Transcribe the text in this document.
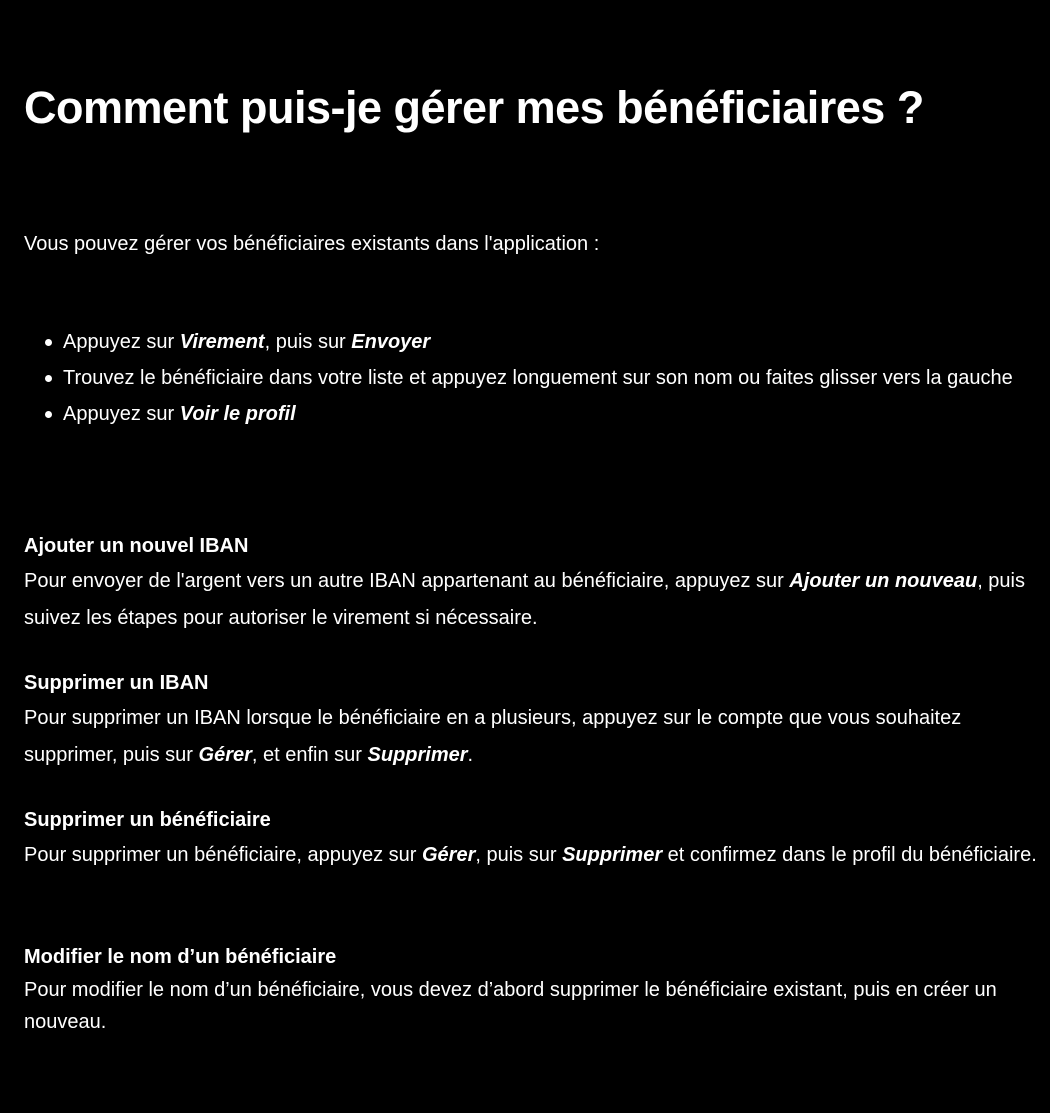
Comment puis-je gérer mes bénéficiaires ?

Vous pouvez gérer vos bénéficiaires existants dans l'application :

Appuyez sur Virement, puis sur Envoyer
Trouvez le bénéficiaire dans votre liste et appuyez longuement sur son nom ou faites glisser vers la gauche
Appuyez sur Voir le profil
Ajouter un nouvel IBAN

Pour envoyer de l'argent vers un autre IBAN appartenant au bénéficiaire, appuyez sur Ajouter un nouveau, puis suivez les étapes pour autoriser le virement si nécessaire.

Supprimer un IBAN

Pour supprimer un IBAN lorsque le bénéficiaire en a plusieurs, appuyez sur le compte que vous souhaitez supprimer, puis sur Gérer, et enfin sur Supprimer.

Supprimer un bénéficiaire

Pour supprimer un bénéficiaire, appuyez sur Gérer, puis sur Supprimer et confirmez dans le profil du bénéficiaire.

Modifier le nom d’un bénéficiaire

Pour modifier le nom d’un bénéficiaire, vous devez d’abord supprimer le bénéficiaire existant, puis en créer un nouveau.
